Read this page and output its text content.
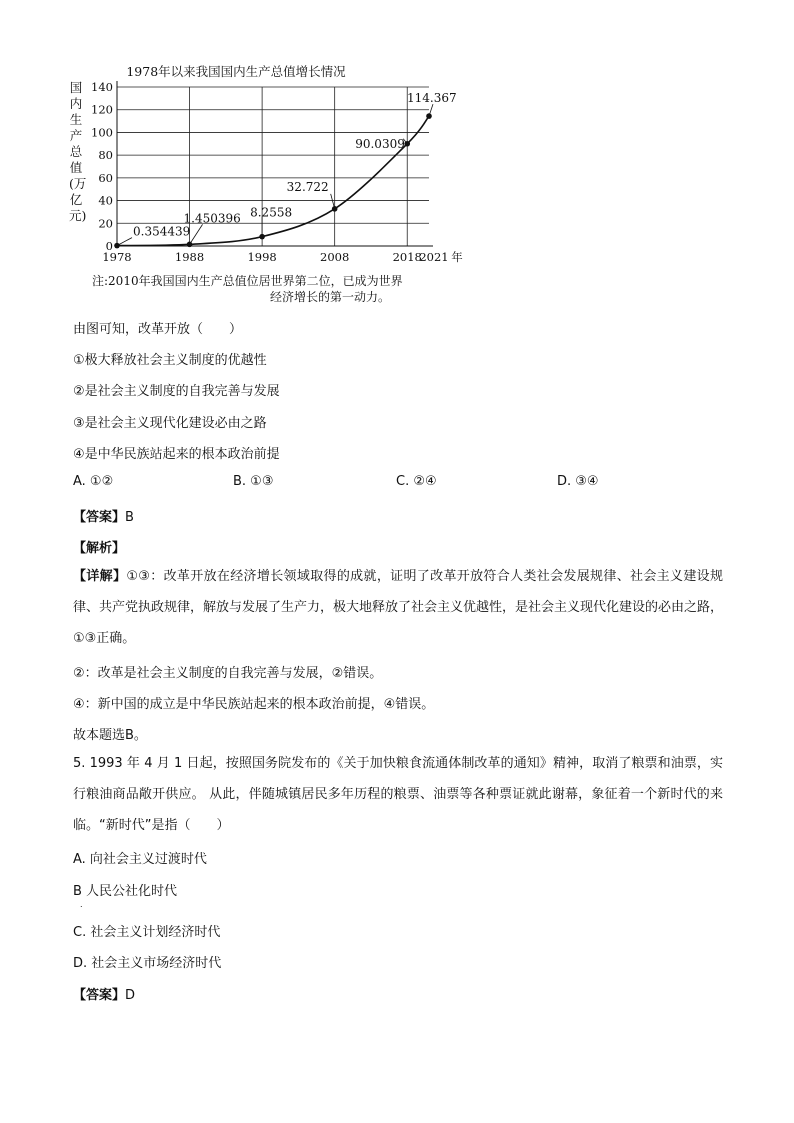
1978年以来我国国内生产总值增长情况
国内生产总值(万亿元)
0
20
40
60
80
100
120
140
1978	1988	1998	2008	2018
2021 年
0.354439
1.450396 8.2558
32.722
90.0309
114.367
注:2010年我国国内生产总值位居世界第二位，已成为世界
经济增长的第一动力。
由图可知，改革开放（　　）
①极大释放社会主义制度的优越性
②是社会主义制度的自我完善与发展
③是社会主义现代化建设必由之路
④是中华民族站起来的根本政治前提
A. ①②	B. ①③	C. ②④	D. ③④
【答案】B
【解析】
【详解】①③：改革开放在经济增长领域取得的成就，证明了改革开放符合人类社会发展规律、社会主义建设规律、共产党执政规律，解放与发展了生产力，极大地释放了社会主义优越性，是社会主义现代化建设的必由之路，①③正确。
②：改革是社会主义制度的自我完善与发展，②错误。
④：新中国的成立是中华民族站起来的根本政治前提，④错误。
故本题选B。
5. 1993 年 4 月 1 日起，按照国务院发布的《关于加快粮食流通体制改革的通知》精神，取消了粮票和油票，实行粮油商品敞开供应。 从此，伴随城镇居民多年历程的粮票、油票等各种票证就此谢幕，象征着一个新时代的来临。“新时代”是指（　　）
A. 向社会主义过渡时代
B 人民公社化时代
.
C. 社会主义计划经济时代
D. 社会主义市场经济时代
【答案】D
